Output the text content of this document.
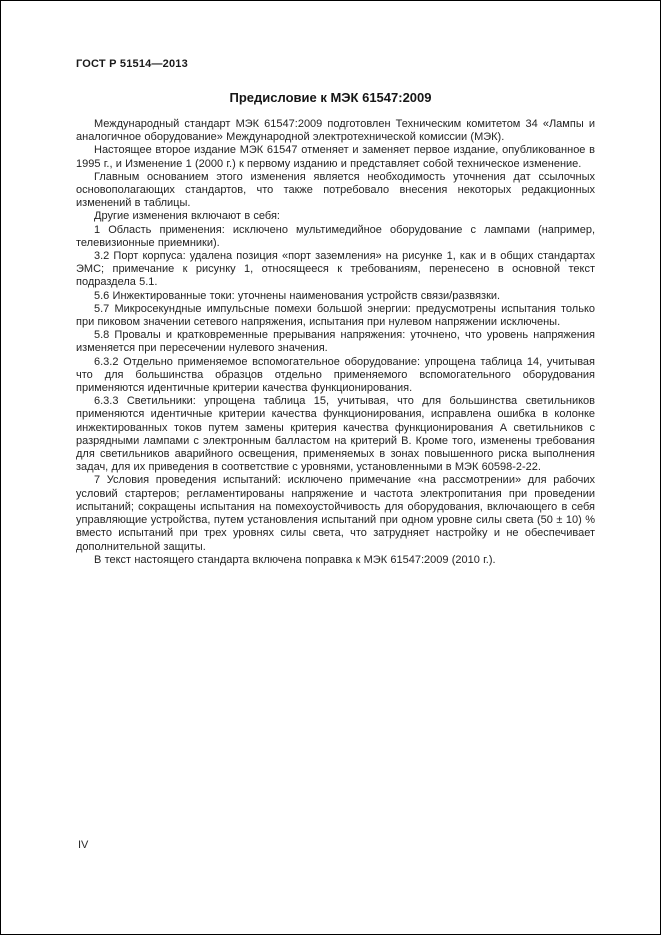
ГОСТ Р 51514—2013
Предисловие к МЭК 61547:2009

Международный стандарт МЭК 61547:2009 подготовлен Техническим комитетом 34 «Лампы и аналогичное оборудование» Международной электротехнической комиссии (МЭК).

Настоящее второе издание МЭК 61547 отменяет и заменяет первое издание, опубликованное в 1995 г., и Изменение 1 (2000 г.) к первому изданию и представляет собой техническое изменение.

Главным основанием этого изменения является необходимость уточнения дат ссылочных основополагающих стандартов, что также потребовало внесения некоторых редакционных изменений в таблицы.

Другие изменения включают в себя:

1 Область применения: исключено мультимедийное оборудование с лампами (например, телевизионные приемники).

3.2 Порт корпуса: удалена позиция «порт заземления» на рисунке 1, как и в общих стандартах ЭМС; примечание к рисунку 1, относящееся к требованиям, перенесено в основной текст подраздела 5.1.

5.6 Инжектированные токи: уточнены наименования устройств связи/развязки.

5.7 Микросекундные импульсные помехи большой энергии: предусмотрены испытания только при пиковом значении сетевого напряжения, испытания при нулевом напряжении исключены.

5.8 Провалы и кратковременные прерывания напряжения: уточнено, что уровень напряжения изменяется при пересечении нулевого значения.

6.3.2 Отдельно применяемое вспомогательное оборудование: упрощена таблица 14, учитывая что для большинства образцов отдельно применяемого вспомогательного оборудования применяются идентичные критерии качества функционирования.

6.3.3 Светильники: упрощена таблица 15, учитывая, что для большинства светильников применяются идентичные критерии качества функционирования, исправлена ошибка в колонке инжектированных токов путем замены критерия качества функционирования А светильников с разрядными лампами с электронным балластом на критерий В. Кроме того, изменены требования для светильников аварийного освещения, применяемых в зонах повышенного риска выполнения задач, для их приведения в соответствие с уровнями, установленными в МЭК 60598-2-22.

7 Условия проведения испытаний: исключено примечание «на рассмотрении» для рабочих условий стартеров; регламентированы напряжение и частота электропитания при проведении испытаний; сокращены испытания на помехоустойчивость для оборудования, включающего в себя управляющие устройства, путем установления испытаний при одном уровне силы света (50 ± 10) % вместо испытаний при трех уровнях силы света, что затрудняет настройку и не обеспечивает дополнительной защиты.

В текст настоящего стандарта включена поправка к МЭК 61547:2009 (2010 г.).

IV
